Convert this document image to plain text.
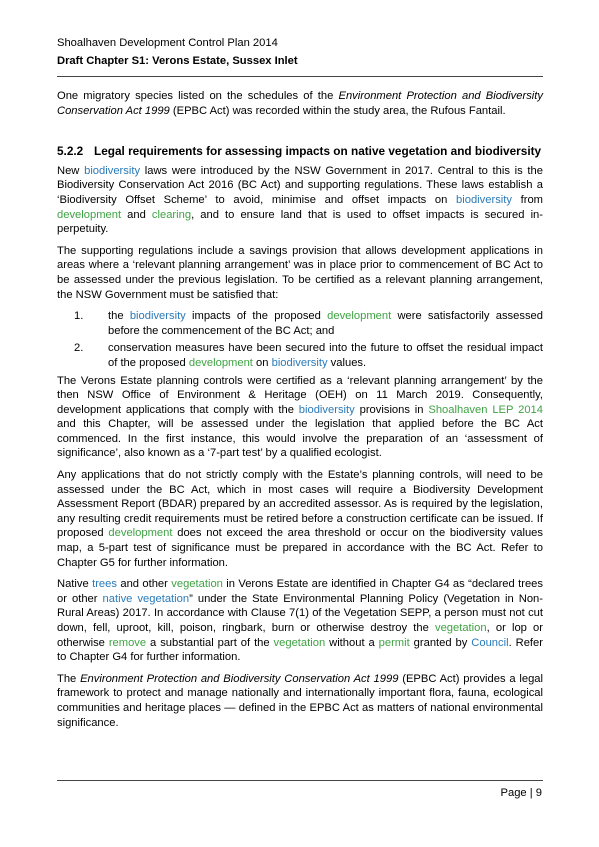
Shoalhaven Development Control Plan 2014
Draft Chapter S1: Verons Estate, Sussex Inlet

One migratory species listed on the schedules of the Environment Protection and Biodiversity Conservation Act 1999 (EPBC Act) was recorded within the study area, the Rufous Fantail.

5.2.2 Legal requirements for assessing impacts on native vegetation and biodiversity

New biodiversity laws were introduced by the NSW Government in 2017. Central to this is the Biodiversity Conservation Act 2016 (BC Act) and supporting regulations. These laws establish a ‘Biodiversity Offset Scheme’ to avoid, minimise and offset impacts on biodiversity from development and clearing, and to ensure land that is used to offset impacts is secured in-perpetuity.

The supporting regulations include a savings provision that allows development applications in areas where a ‘relevant planning arrangement’ was in place prior to commencement of BC Act to be assessed under the previous legislation. To be certified as a relevant planning arrangement, the NSW Government must be satisfied that:

1.	the biodiversity impacts of the proposed development were satisfactorily assessed before the commencement of the BC Act; and
2.	conservation measures have been secured into the future to offset the residual impact of the proposed development on biodiversity values.

The Verons Estate planning controls were certified as a ‘relevant planning arrangement’ by the then NSW Office of Environment & Heritage (OEH) on 11 March 2019. Consequently, development applications that comply with the biodiversity provisions in Shoalhaven LEP 2014 and this Chapter, will be assessed under the legislation that applied before the BC Act commenced. In the first instance, this would involve the preparation of an ‘assessment of significance’, also known as a ‘7-part test’ by a qualified ecologist.

Any applications that do not strictly comply with the Estate’s planning controls, will need to be assessed under the BC Act, which in most cases will require a Biodiversity Development Assessment Report (BDAR) prepared by an accredited assessor. As is required by the legislation, any resulting credit requirements must be retired before a construction certificate can be issued. If proposed development does not exceed the area threshold or occur on the biodiversity values map, a 5-part test of significance must be prepared in accordance with the BC Act. Refer to Chapter G5 for further information.

Native trees and other vegetation in Verons Estate are identified in Chapter G4 as “declared trees or other native vegetation” under the State Environmental Planning Policy (Vegetation in Non-Rural Areas) 2017. In accordance with Clause 7(1) of the Vegetation SEPP, a person must not cut down, fell, uproot, kill, poison, ringbark, burn or otherwise destroy the vegetation, or lop or otherwise remove a substantial part of the vegetation without a permit granted by Council. Refer to Chapter G4 for further information.

The Environment Protection and Biodiversity Conservation Act 1999 (EPBC Act) provides a legal framework to protect and manage nationally and internationally important flora, fauna, ecological communities and heritage places — defined in the EPBC Act as matters of national environmental significance.

Page | 9
